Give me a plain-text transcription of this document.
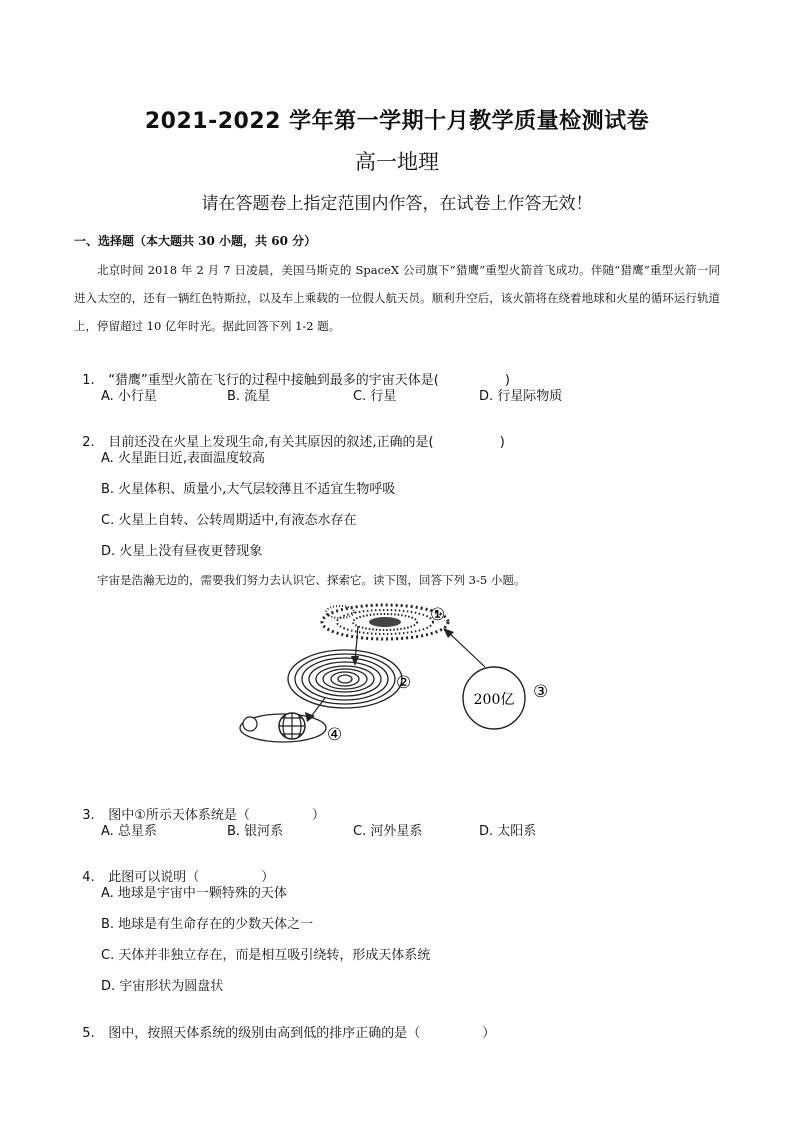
2021-2022 学年第一学期十月教学质量检测试卷
高一地理
请在答题卷上指定范围内作答，在试卷上作答无效！
一、选择题（本大题共 30 小题，共 60 分）
北京时间 2018 年 2 月 7 日凌晨，美国马斯克的 SpaceX 公司旗下“猎鹰”重型火箭首飞成功。伴随“猎鹰”重型火箭一同进入太空的，还有一辆红色特斯拉，以及车上乘载的一位假人航天员。顺利升空后，该火箭将在绕着地球和火星的循环运行轨道上，停留超过 10 亿年时光。据此回答下列 1-2 题。

1. “猎鹰”重型火箭在飞行的过程中接触到最多的宇宙天体是(                )

A. 小行星	B. 流星	C. 行星	D. 行星际物质

2. 目前还没在火星上发现生命,有关其原因的叙述,正确的是(                )

A. 火星距日近,表面温度较高
B. 火星体积、质量小,大气层较薄且不适宜生物呼吸
C. 火星上自转、公转周期适中,有液态水存在
D. 火星上没有昼夜更替现象
宇宙是浩瀚无边的，需要我们努力去认识它、探索它。读下图，回答下列 3-5 小题。
①
②
④
200亿 ③

3. 图中①所示天体系统是（               ）

A. 总星系	B. 银河系	C. 河外星系	D. 太阳系

4. 此图可以说明（               ）

A. 地球是宇宙中一颗特殊的天体
B. 地球是有生命存在的少数天体之一
C. 天体并非独立存在，而是相互吸引绕转，形成天体系统
D. 宇宙形状为圆盘状

5. 图中，按照天体系统的级别由高到低的排序正确的是（               ）
